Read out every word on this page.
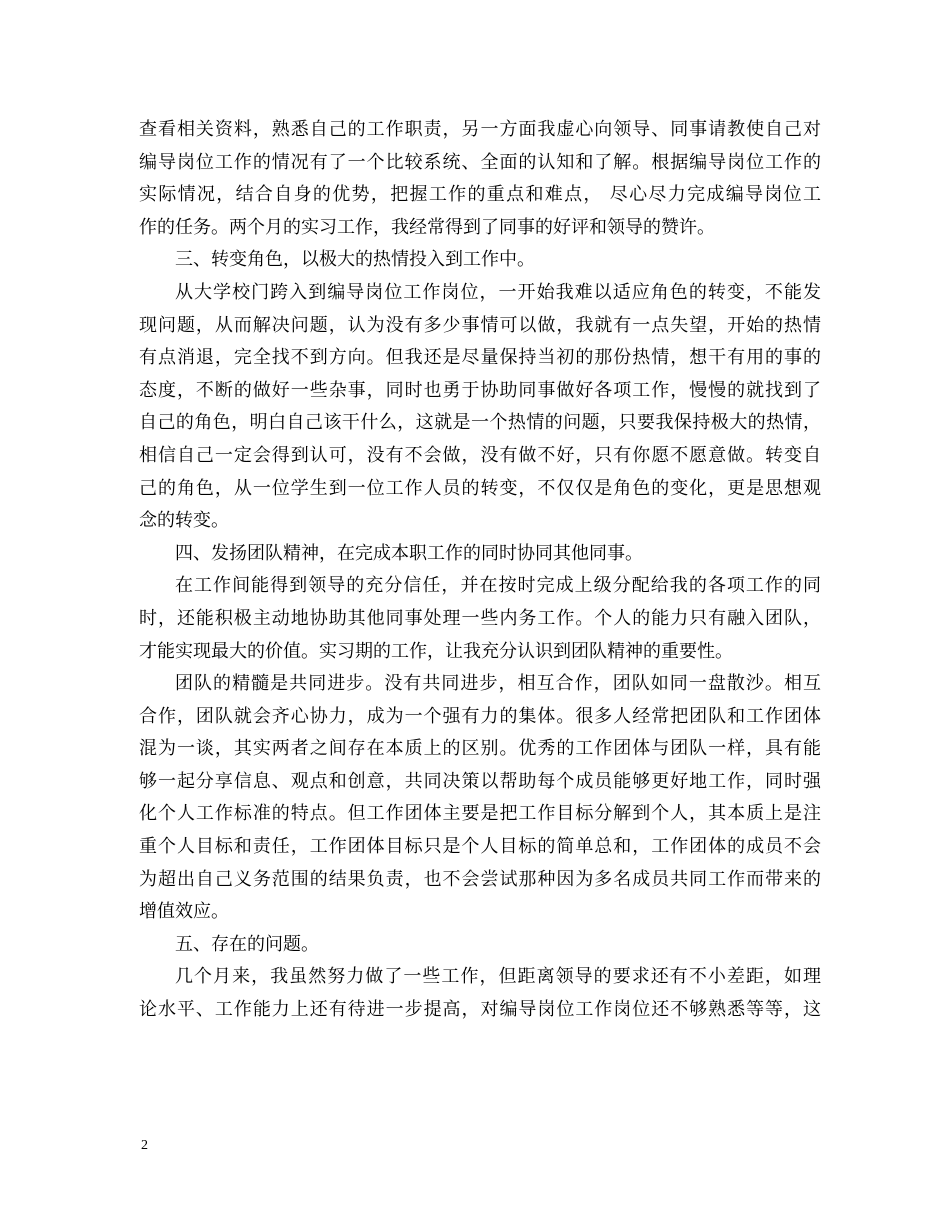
查看相关资料，熟悉自己的工作职责，另一方面我虚心向领导、同事请教使自己对
编导岗位工作的情况有了一个比较系统、全面的认知和了解。根据编导岗位工作的
实际情况，结合自身的优势，把握工作的重点和难点， 尽心尽力完成编导岗位工
作的任务。两个月的实习工作，我经常得到了同事的好评和领导的赞许。
三、转变角色，以极大的热情投入到工作中。
从大学校门跨入到编导岗位工作岗位，一开始我难以适应角色的转变，不能发
现问题，从而解决问题，认为没有多少事情可以做，我就有一点失望，开始的热情
有点消退，完全找不到方向。但我还是尽量保持当初的那份热情，想干有用的事的
态度，不断的做好一些杂事，同时也勇于协助同事做好各项工作，慢慢的就找到了
自己的角色，明白自己该干什么，这就是一个热情的问题，只要我保持极大的热情，
相信自己一定会得到认可，没有不会做，没有做不好，只有你愿不愿意做。转变自
己的角色，从一位学生到一位工作人员的转变，不仅仅是角色的变化，更是思想观
念的转变。
四、发扬团队精神，在完成本职工作的同时协同其他同事。
在工作间能得到领导的充分信任，并在按时完成上级分配给我的各项工作的同
时，还能积极主动地协助其他同事处理一些内务工作。个人的能力只有融入团队，
才能实现最大的价值。实习期的工作，让我充分认识到团队精神的重要性。
团队的精髓是共同进步。没有共同进步，相互合作，团队如同一盘散沙。相互
合作，团队就会齐心协力，成为一个强有力的集体。很多人经常把团队和工作团体
混为一谈，其实两者之间存在本质上的区别。优秀的工作团体与团队一样，具有能
够一起分享信息、观点和创意，共同决策以帮助每个成员能够更好地工作，同时强
化个人工作标准的特点。但工作团体主要是把工作目标分解到个人，其本质上是注
重个人目标和责任，工作团体目标只是个人目标的简单总和，工作团体的成员不会
为超出自己义务范围的结果负责，也不会尝试那种因为多名成员共同工作而带来的
增值效应。
五、存在的问题。
几个月来，我虽然努力做了一些工作，但距离领导的要求还有不小差距，如理
论水平、工作能力上还有待进一步提高，对编导岗位工作岗位还不够熟悉等等，这
2
